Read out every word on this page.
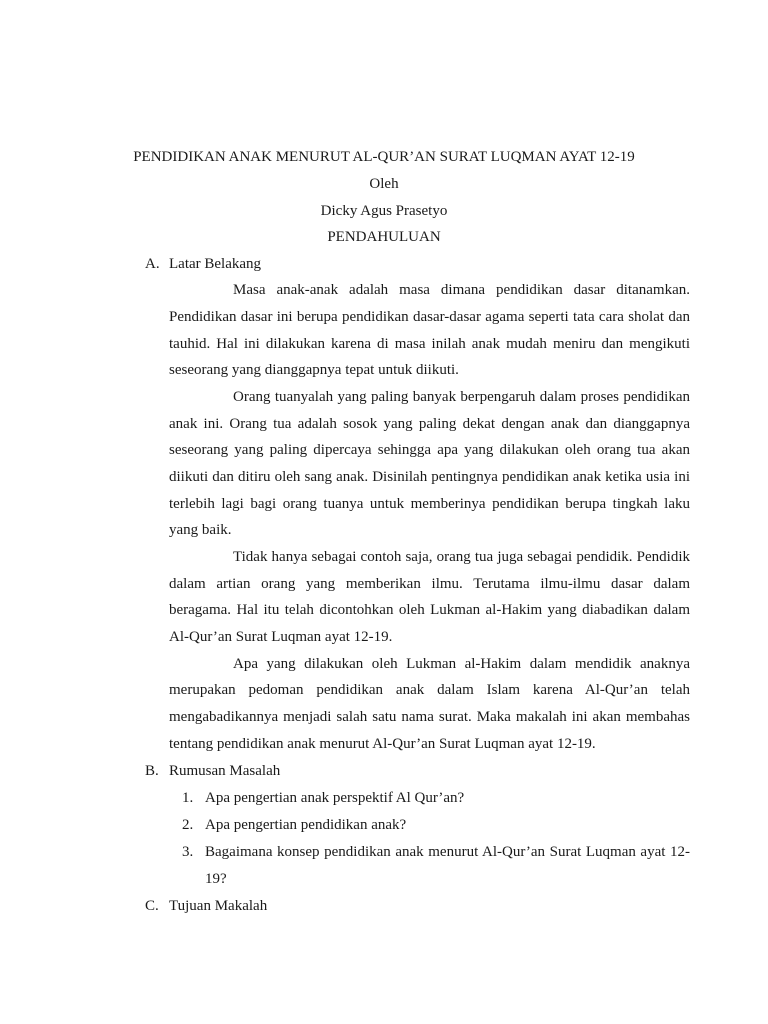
PENDIDIKAN ANAK MENURUT AL-QUR’AN SURAT LUQMAN AYAT 12-19
Oleh
Dicky Agus Prasetyo
PENDAHULUAN
A. Latar Belakang
Masa anak-anak adalah masa dimana pendidikan dasar ditanamkan.
Pendidikan dasar ini berupa pendidikan dasar-dasar agama seperti tata cara sholat dan
tauhid. Hal ini dilakukan karena di masa inilah anak mudah meniru dan mengikuti
seseorang yang dianggapnya tepat untuk diikuti.
Orang tuanyalah yang paling banyak berpengaruh dalam proses pendidikan
anak ini. Orang tua adalah sosok yang paling dekat dengan anak dan dianggapnya
seseorang yang paling dipercaya sehingga apa yang dilakukan oleh orang tua akan
diikuti dan ditiru oleh sang anak. Disinilah pentingnya pendidikan anak ketika usia ini
terlebih lagi bagi orang tuanya untuk memberinya pendidikan berupa tingkah laku
yang baik.
Tidak hanya sebagai contoh saja, orang tua juga sebagai pendidik. Pendidik
dalam artian orang yang memberikan ilmu. Terutama ilmu-ilmu dasar dalam
beragama. Hal itu telah dicontohkan oleh Lukman al-Hakim yang diabadikan dalam
Al-Qur’an Surat Luqman ayat 12-19.
Apa yang dilakukan oleh Lukman al-Hakim dalam mendidik anaknya
merupakan pedoman pendidikan anak dalam Islam karena Al-Qur’an telah
mengabadikannya menjadi salah satu nama surat. Maka makalah ini akan membahas
tentang pendidikan anak menurut Al-Qur’an Surat Luqman ayat 12-19.
B. Rumusan Masalah
1. Apa pengertian anak perspektif Al Qur’an?
2. Apa pengertian pendidikan anak?
3. Bagaimana konsep pendidikan anak menurut Al-Qur’an Surat Luqman ayat 12-
19?
C. Tujuan Makalah
